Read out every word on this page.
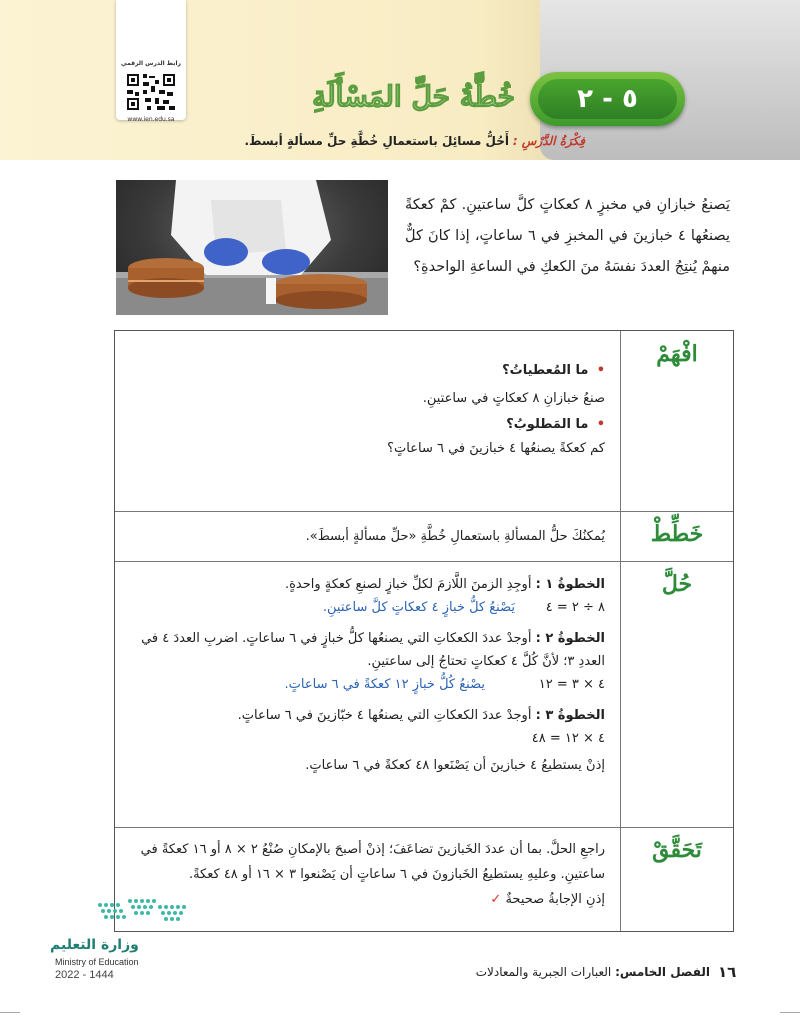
رابط الدرس الرقمي
www.ien.edu.sa
٥ - ٢
خُطَّةُ حَلِّ المَسْأَلَةِ
فِكْرَةُ الدَّرْسِ : أَحُلُّ مسائِلَ باستعمالِ خُطَّةِ حلِّ مسألةٍ أبسطَ.
يَصنعُ خبازانِ في مخبزٍ ٨ كعكاتٍ كلَّ ساعتينِ. كمْ كعكةً يصنعُها ٤ خبازينَ في المخبزِ في ٦ ساعاتٍ، إذا كانَ كلٌّ منهمْ يُنتِجُ العددَ نفسَهُ منَ الكعكِ في الساعةِ الواحدةِ؟
افْهَمْ
•  ما المُعطياتُ؟
صنعُ خبازانِ ٨ كعكاتٍ في ساعتينِ.
•  ما المَطلوبُ؟
كم كعكةً يصنعُها ٤ خبازينَ في ٦ ساعاتٍ؟
خَطِّطْ
يُمكنُكَ حلُّ المسألةِ باستعمالِ خُطَّةِ «حلِّ مسألةٍ أبسطَ».
حُلَّ
الخطوةُ ١ : أوجِدِ الزمنَ اللَّازمَ لكلِّ خبازٍ لصنعِ كعكةٍ واحدةٍ.
٨ ÷ ٢ = ٤
يَصْنعُ كلُّ خبازٍ ٤ كعكاتٍ كلَّ ساعتينِ.

الخطوةُ ٢ : أوجدْ عددَ الكعكاتِ التي يصنعُها كلُّ خبازٍ في ٦ ساعاتٍ. اضربِ العددَ ٤ في
العددِ ٣؛ لأنَّ كُلَّ ٤ كعكاتٍ تحتاجُ إلى ساعتينِ.
٤ × ٣ = ١٢
يصْنعُ كُلُّ خبازٍ ١٢ كعكةً في ٦ ساعاتٍ.

الخطوةُ ٣ : أوجدْ عددَ الكعكاتِ التي يصنعُها ٤ خبّازينَ في ٦ ساعاتٍ.
٤ × ١٢ = ٤٨
إذنْ يستطيعُ ٤ خبازينَ أن يَصْنَعوا ٤٨ كعكةً في ٦ ساعاتٍ.
تَحَقَّقْ
راجعِ الحلَّ. بما أن عددَ الخَبازينَ تضاعَفَ؛ إذنْ أصبحَ بالإمكانِ صُنْعُ ٢ × ٨ أو ١٦ كعكةً في
ساعتينِ. وعليهِ يستطيعُ الخَبازونَ في ٦ ساعاتٍ أن يَصْنعوا ٣ × ١٦ أو ٤٨ كعكةً.
إذنِ الإجابةُ صحيحةٌ ✓
وزارة التعليم
Ministry of Education
2022 - 1444	١٦
الفصل الخامس: العبارات الجبرية والمعادلات
